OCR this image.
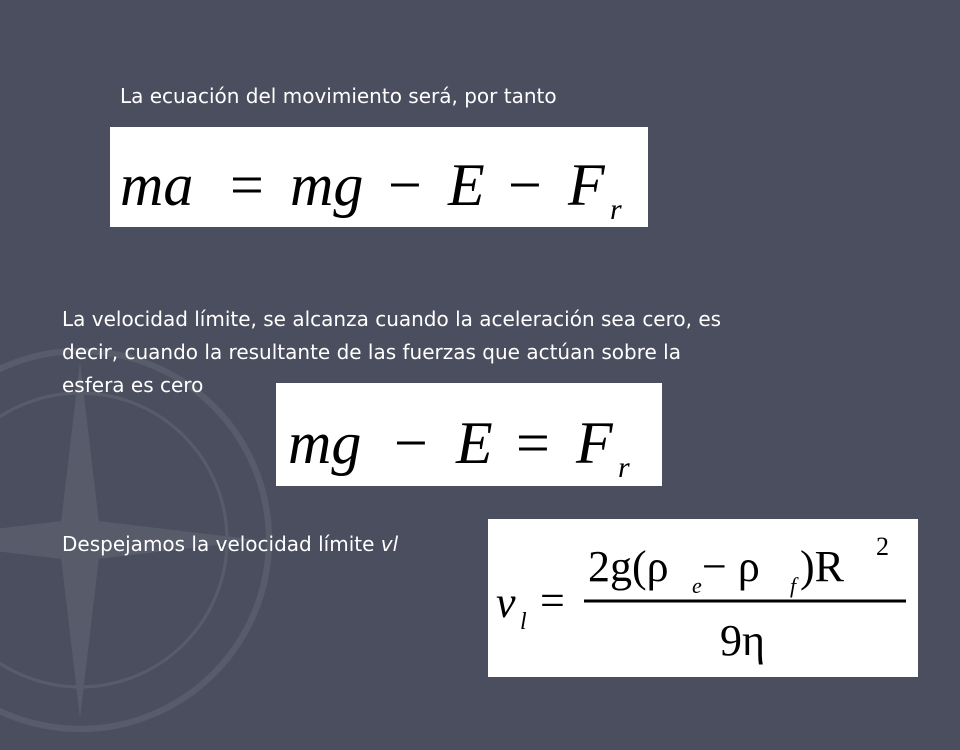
La ecuación del movimiento será, por tanto
ma = mg − E − F r
La velocidad límite, se alcanza cuando la aceleración sea cero, es
decir, cuando la resultante de las fuerzas que actúan sobre la
esfera es cero
mg − E = F r
Despejamos la velocidad límite vl
v l =
2g(ρ e − ρ f )R 2
9η
